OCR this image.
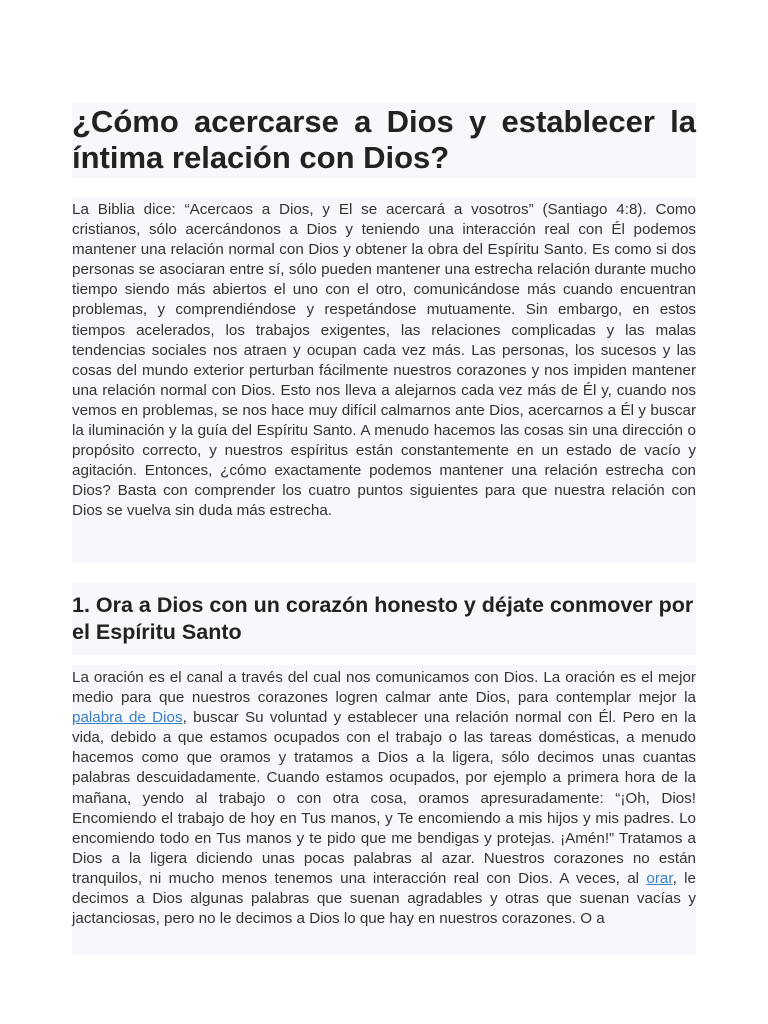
¿Cómo acercarse a Dios y establecer la íntima relación con Dios?

La Biblia dice: “Acercaos a Dios, y El se acercará a vosotros” (Santiago 4:8). Como cristianos, sólo acercándonos a Dios y teniendo una interacción real con Él podemos mantener una relación normal con Dios y obtener la obra del Espíritu Santo. Es como si dos personas se asociaran entre sí, sólo pueden mantener una estrecha relación durante mucho tiempo siendo más abiertos el uno con el otro, comunicándose más cuando encuentran problemas, y comprendiéndose y respetándose mutuamente. Sin embargo, en estos tiempos acelerados, los trabajos exigentes, las relaciones complicadas y las malas tendencias sociales nos atraen y ocupan cada vez más. Las personas, los sucesos y las cosas del mundo exterior perturban fácilmente nuestros corazones y nos impiden mantener una relación normal con Dios. Esto nos lleva a alejarnos cada vez más de Él y, cuando nos vemos en problemas, se nos hace muy difícil calmarnos ante Dios, acercarnos a Él y buscar la iluminación y la guía del Espíritu Santo. A menudo hacemos las cosas sin una dirección o propósito correcto, y nuestros espíritus están constantemente en un estado de vacío y agitación. Entonces, ¿cómo exactamente podemos mantener una relación estrecha con Dios? Basta con comprender los cuatro puntos siguientes para que nuestra relación con Dios se vuelva sin duda más estrecha.

1. Ora a Dios con un corazón honesto y déjate conmover por el Espíritu Santo

La oración es el canal a través del cual nos comunicamos con Dios. La oración es el mejor medio para que nuestros corazones logren calmar ante Dios, para contemplar mejor la palabra de Dios, buscar Su voluntad y establecer una relación normal con Él. Pero en la vida, debido a que estamos ocupados con el trabajo o las tareas domésticas, a menudo hacemos como que oramos y tratamos a Dios a la ligera, sólo decimos unas cuantas palabras descuidadamente. Cuando estamos ocupados, por ejemplo a primera hora de la mañana, yendo al trabajo o con otra cosa, oramos apresuradamente: “¡Oh, Dios! Encomiendo el trabajo de hoy en Tus manos, y Te encomiendo a mis hijos y mis padres. Lo encomiendo todo en Tus manos y te pido que me bendigas y protejas. ¡Amén!” Tratamos a Dios a la ligera diciendo unas pocas palabras al azar. Nuestros corazones no están tranquilos, ni mucho menos tenemos una interacción real con Dios. A veces, al orar, le decimos a Dios algunas palabras que suenan agradables y otras que suenan vacías y jactanciosas, pero no le decimos a Dios lo que hay en nuestros corazones. O a
